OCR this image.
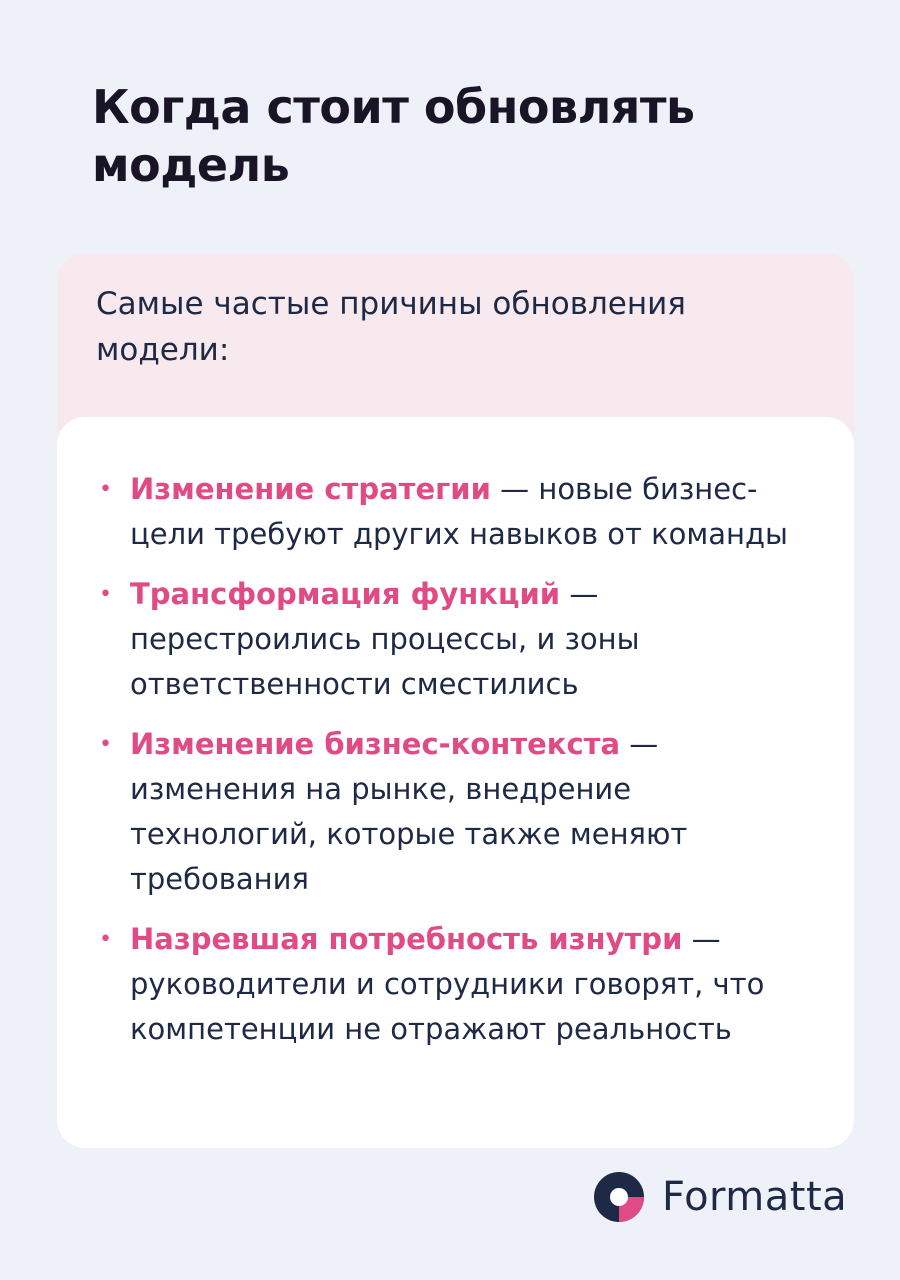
Когда стоит обновлять модель

Самые частые причины обновления модели:

• Изменение стратегии — новые бизнес-цели требуют других навыков от команды
• Трансформация функций — перестроились процессы, и зоны ответственности сместились
• Изменение бизнес-контекста — изменения на рынке, внедрение технологий, которые также меняют требования
• Назревшая потребность изнутри — руководители и сотрудники говорят, что компетенции не отражают реальность
Formatta
